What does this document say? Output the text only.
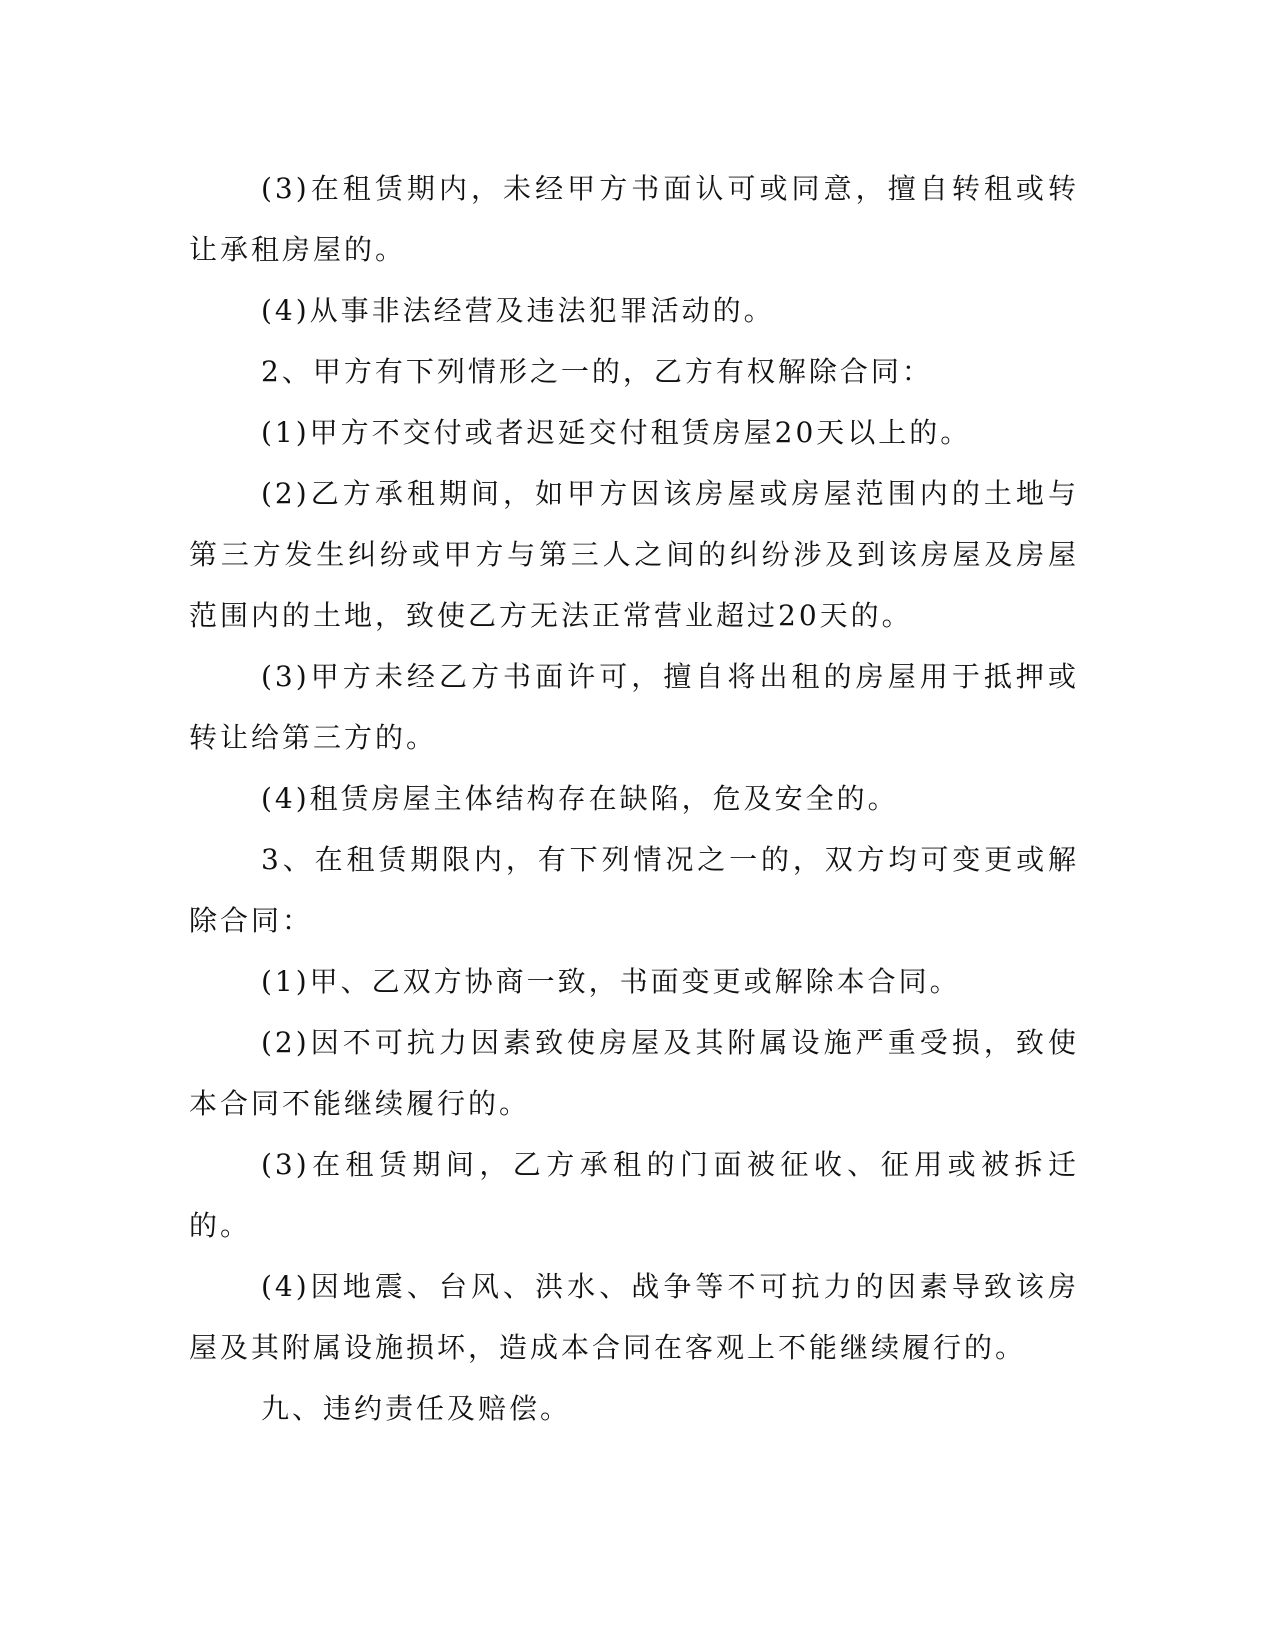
(3)在租赁期内，未经甲方书面认可或同意，擅自转租或转让承租房屋的。

(4)从事非法经营及违法犯罪活动的。

2、甲方有下列情形之一的，乙方有权解除合同：

(1)甲方不交付或者迟延交付租赁房屋20天以上的。

(2)乙方承租期间，如甲方因该房屋或房屋范围内的土地与第三方发生纠纷或甲方与第三人之间的纠纷涉及到该房屋及房屋范围内的土地，致使乙方无法正常营业超过20天的。

(3)甲方未经乙方书面许可，擅自将出租的房屋用于抵押或转让给第三方的。

(4)租赁房屋主体结构存在缺陷，危及安全的。

3、在租赁期限内，有下列情况之一的，双方均可变更或解除合同：

(1)甲、乙双方协商一致，书面变更或解除本合同。

(2)因不可抗力因素致使房屋及其附属设施严重受损，致使本合同不能继续履行的。

(3)在租赁期间，乙方承租的门面被征收、征用或被拆迁的。

(4)因地震、台风、洪水、战争等不可抗力的因素导致该房屋及其附属设施损坏，造成本合同在客观上不能继续履行的。

九、违约责任及赔偿。
